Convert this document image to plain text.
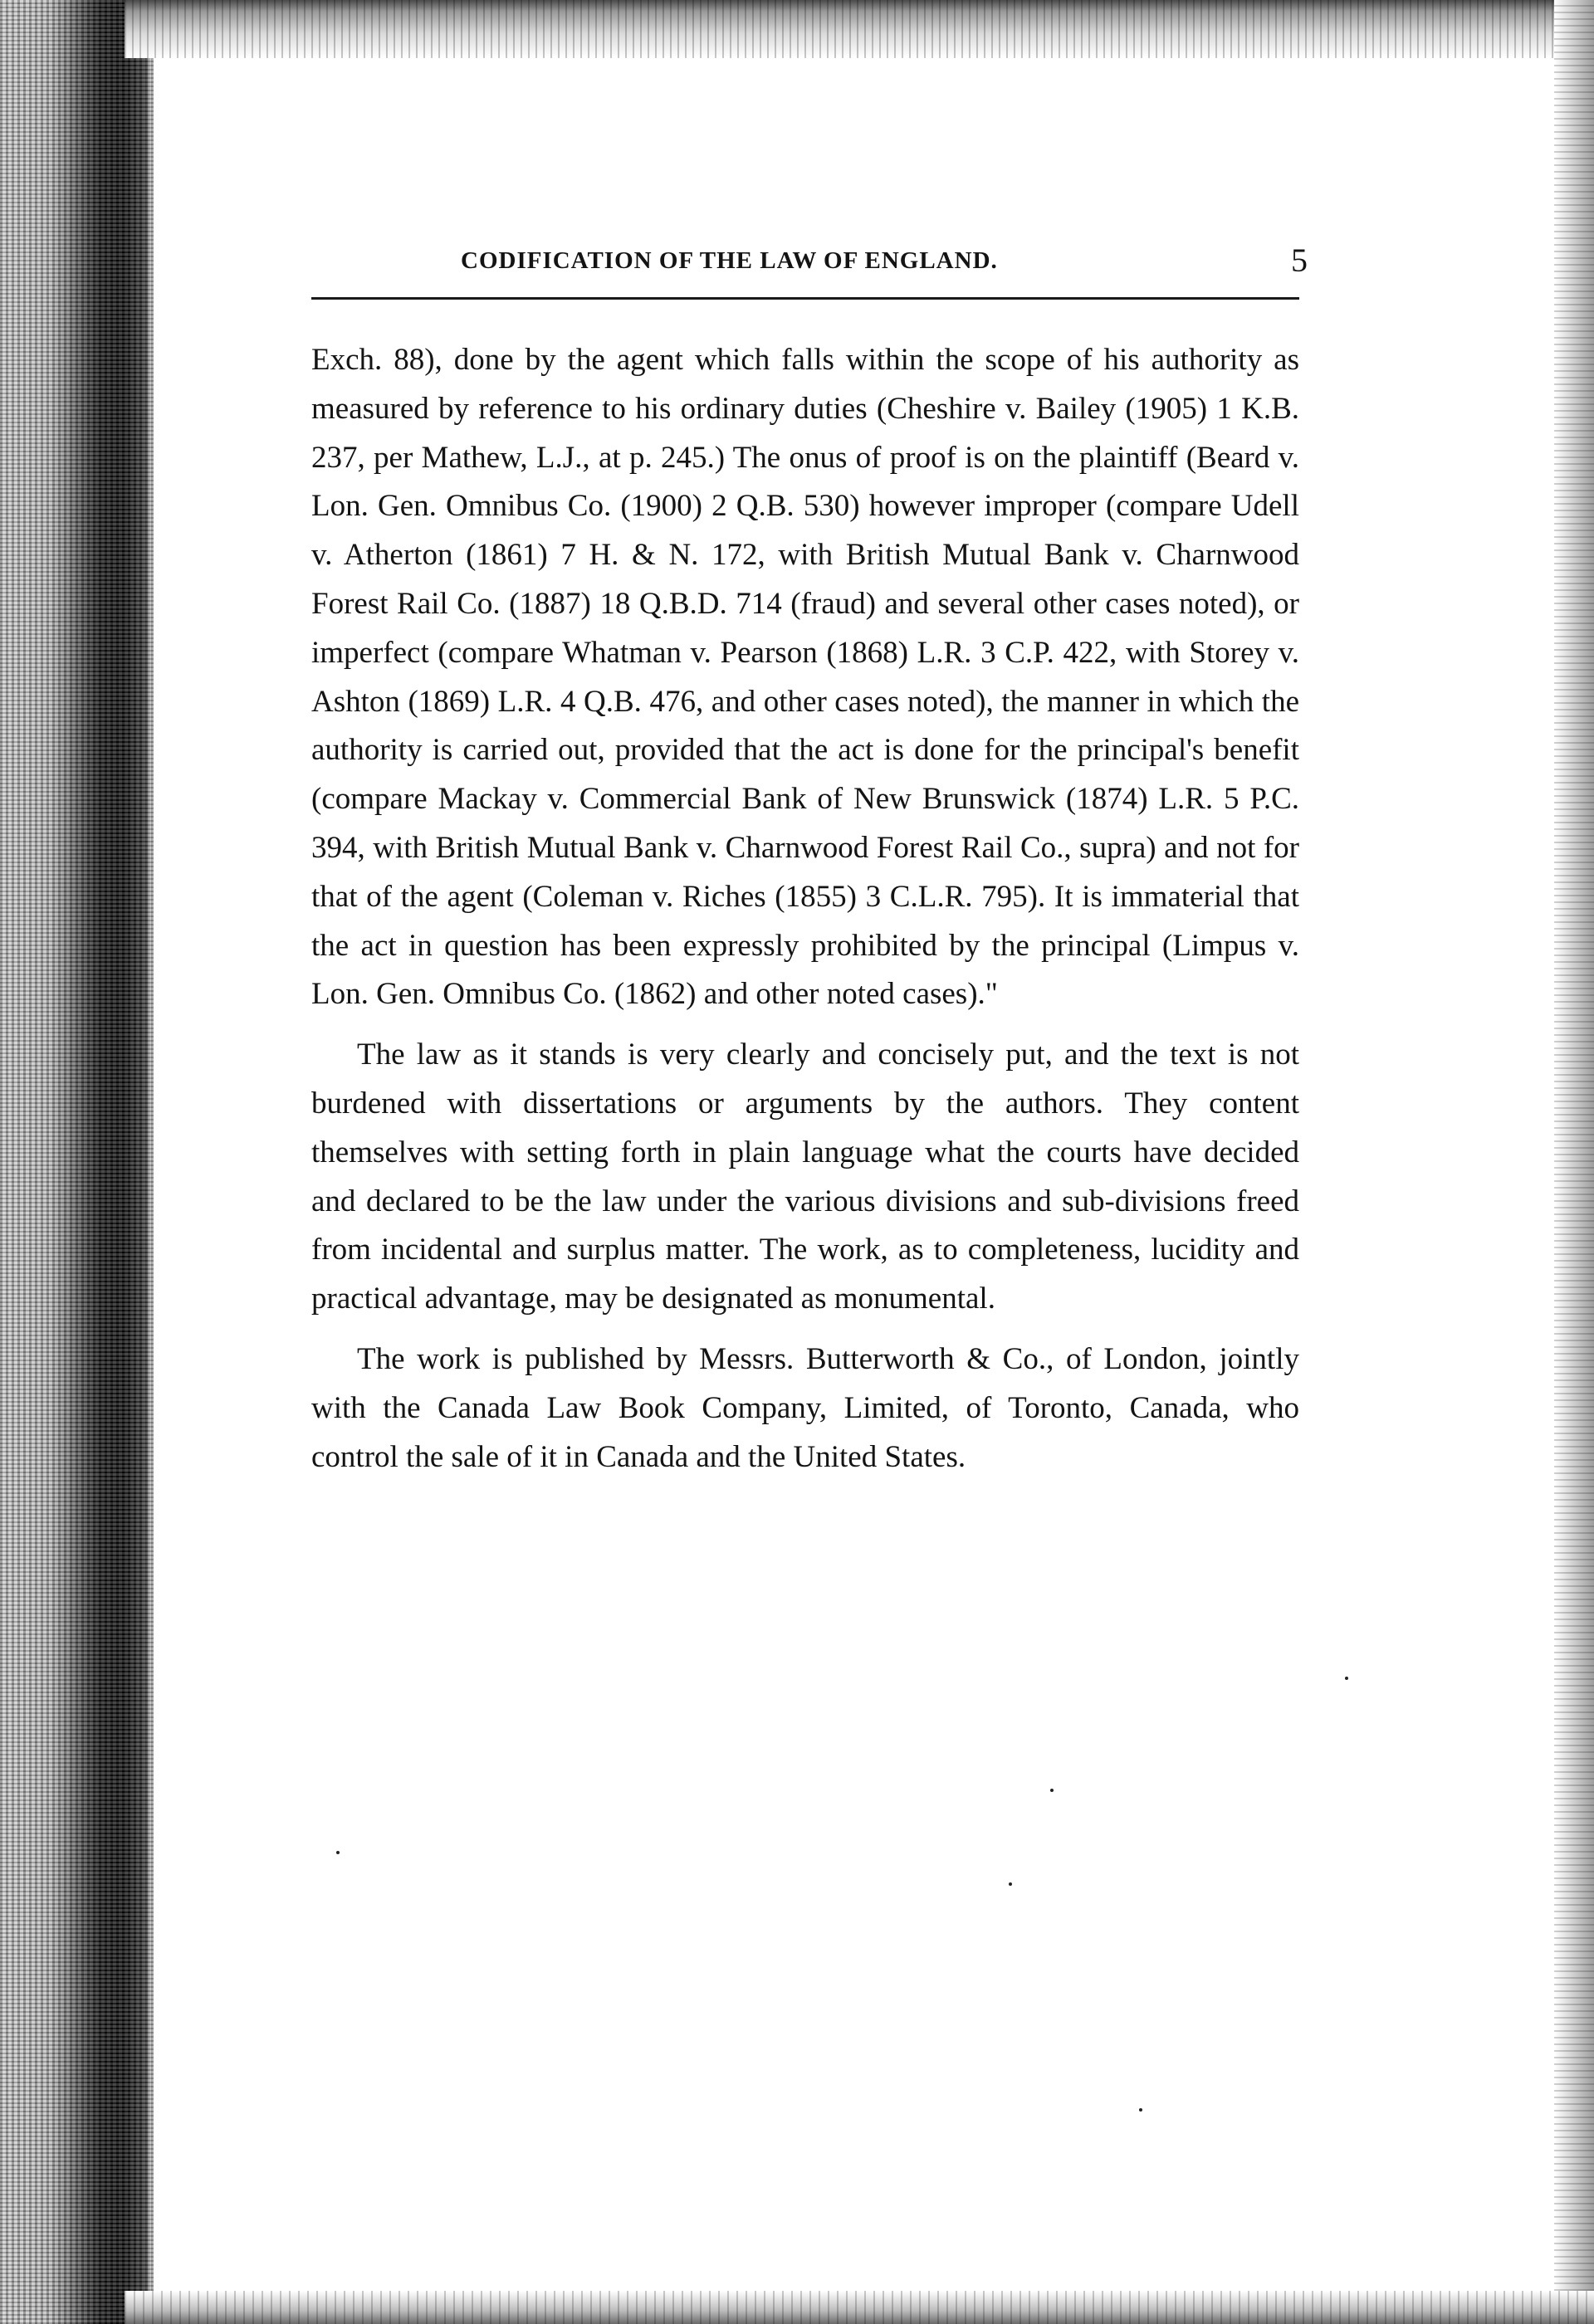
CODIFICATION OF THE LAW OF ENGLAND.	5

Exch. 88), done by the agent which falls within the scope of his authority as measured by reference to his ordinary duties (Cheshire v. Bailey (1905) 1 K.B. 237, per Mathew, L.J., at p. 245.) The onus of proof is on the plaintiff (Beard v. Lon. Gen. Omnibus Co. (1900) 2 Q.B. 530) however improper (compare Udell v. Atherton (1861) 7 H. & N. 172, with British Mutual Bank v. Charnwood Forest Rail Co. (1887) 18 Q.B.D. 714 (fraud) and several other cases noted), or imperfect (compare Whatman v. Pearson (1868) L.R. 3 C.P. 422, with Storey v. Ashton (1869) L.R. 4 Q.B. 476, and other cases noted), the manner in which the authority is carried out, provided that the act is done for the principal's benefit (compare Mackay v. Commercial Bank of New Brunswick (1874) L.R. 5 P.C. 394, with British Mutual Bank v. Charnwood Forest Rail Co., supra) and not for that of the agent (Coleman v. Riches (1855) 3 C.L.R. 795). It is immaterial that the act in question has been expressly prohibited by the principal (Limpus v. Lon. Gen. Omnibus Co. (1862) and other noted cases)."

The law as it stands is very clearly and concisely put, and the text is not burdened with dissertations or arguments by the authors. They content themselves with setting forth in plain language what the courts have decided and declared to be the law under the various divisions and sub-divisions freed from incidental and surplus matter. The work, as to completeness, lucidity and practical advantage, may be designated as monumental.

The work is published by Messrs. Butterworth & Co., of London, jointly with the Canada Law Book Company, Limited, of Toronto, Canada, who control the sale of it in Canada and the United States.
